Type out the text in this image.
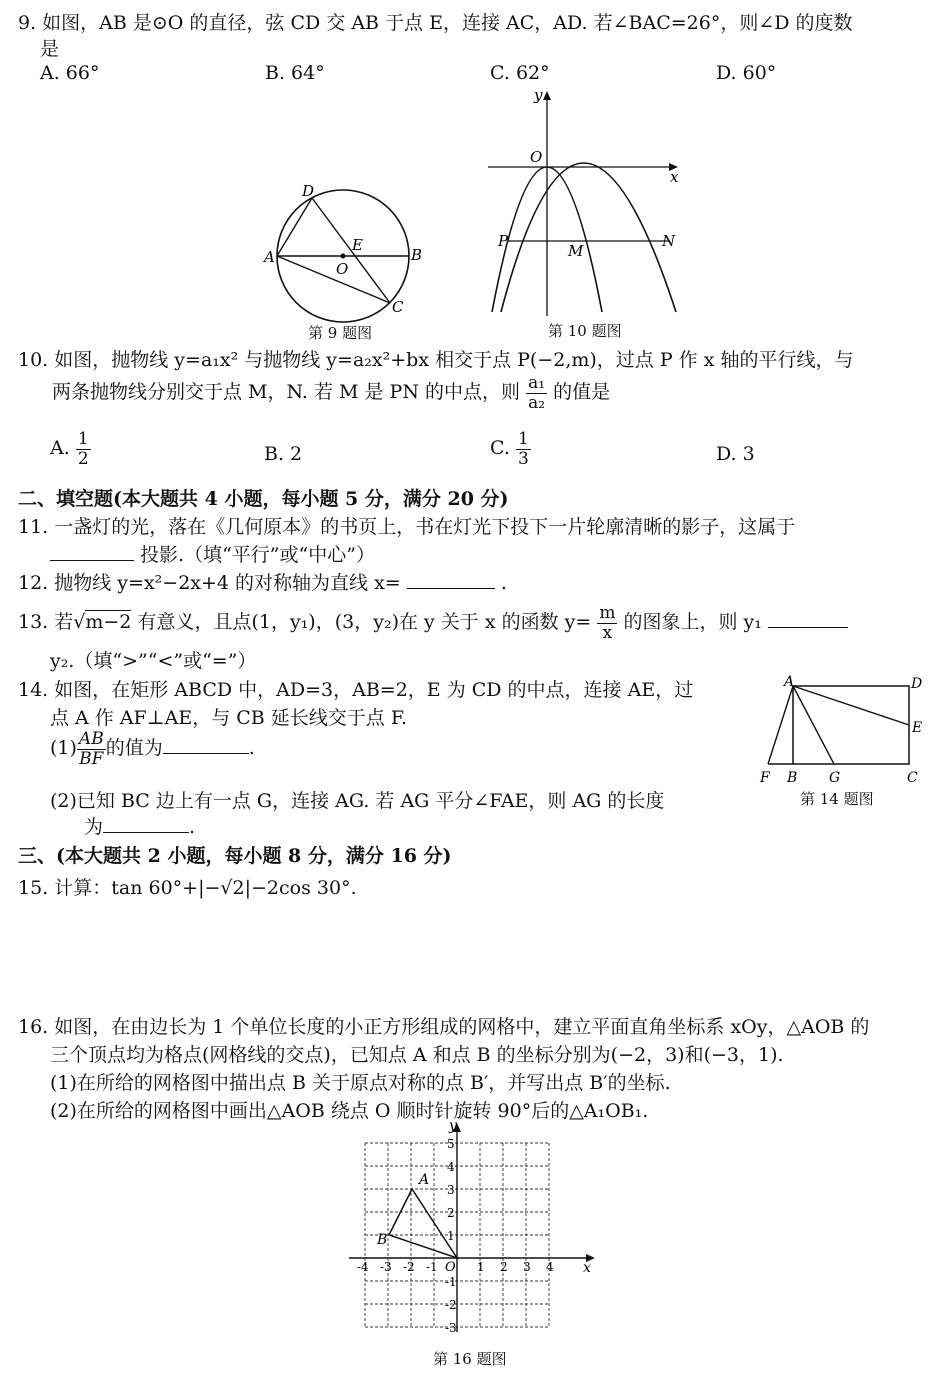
9. 如图，AB 是⊙O 的直径，弦 CD 交 AB 于点 E，连接 AC，AD. 若∠BAC=26°，则∠D 的度数
是
A. 66°	B. 64°	C. 62°	D. 60°
D
A
E
O
B
C
第 9 题图
y
O
x
P
M
N
第 10 题图
10. 如图，抛物线 y=a₁x² 与抛物线 y=a₂x²+bx 相交于点 P(−2,m)，过点 P 作 x 轴的平行线，与
两条抛物线分别交于点 M，N. 若 M 是 PN 的中点，则 $\frac{\text{a₁}}{\text{a₂}}$ 的值是
A. $\frac{1}{2}$	B. 2	C. $\frac{1}{3}$	D. 3
二、填空题(本大题共 4 小题，每小题 5 分，满分 20 分)
11. 一盏灯的光，落在《几何原本》的书页上，书在灯光下投下一片轮廓清晰的影子，这属于
投影.（填“平行”或“中心”）
12. 抛物线 y=x²−2x+4 的对称轴为直线 x=	.
13. 若√m−2 有意义，且点(1，y₁)，(3，y₂)在 y 关于 x 的函数 $y= \frac{m}{x}$ 的图象上，则 y₁
y₂.（填“>”“<”或“=”）
14. 如图，在矩形 ABCD 中，AD=3，AB=2，E 为 CD 的中点，连接 AE，过
点 A 作 AF⊥AE，与 CB 延长线交于点 F.
$(1) \frac{AB}{BF}$ 的值为	.
(2)已知 BC 边上有一点 G，连接 AG. 若 AG 平分∠FAE，则 AG 的长度
为	.
A	D
E
F B G	C
第 14 题图
三、(本大题共 2 小题，每小题 8 分，满分 16 分)
15. 计算：tan 60°+|−√2|−2cos 30°.
16. 如图，在由边长为 1 个单位长度的小正方形组成的网格中，建立平面直角坐标系 xOy，△AOB 的
三个顶点均为格点(网格线的交点)，已知点 A 和点 B 的坐标分别为(−2，3)和(−3，1).
(1)在所给的网格图中描出点 B 关于原点对称的点 B′，并写出点 B′的坐标.
(2)在所给的网格图中画出△AOB 绕点 O 顺时针旋转 90°后的△A₁OB₁.
-4 -3 -2 -1	1 2 3 4
5
4
3
2
1
-1
-2
-3
y
x
O
A
B
第 16 题图
